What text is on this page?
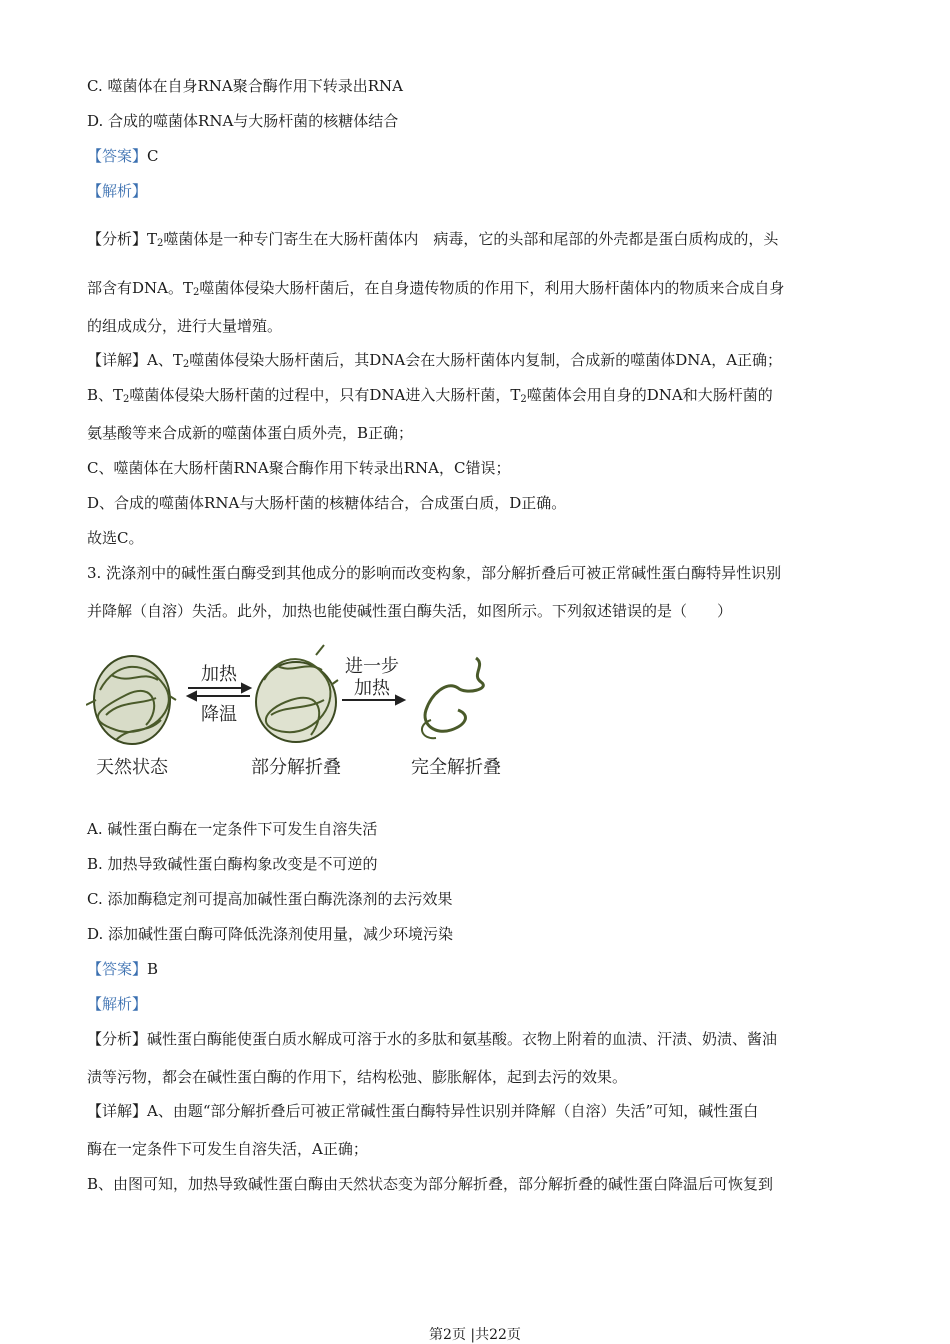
C. 噬菌体在自身RNA聚合酶作用下转录出RNA
D. 合成的噬菌体RNA与大肠杆菌的核糖体结合
【答案】C
【解析】
【分析】$T_2$噬菌体是一种专门寄生在大肠杆菌体内　病毒，它的头部和尾部的外壳都是蛋白质构成的，头
部含有DNA。$T_2$噬菌体侵染大肠杆菌后，在自身遗传物质的作用下，利用大肠杆菌体内的物质来合成自身
的组成成分，进行大量增殖。
【详解】A、$T_2$噬菌体侵染大肠杆菌后，其DNA会在大肠杆菌体内复制，合成新的噬菌体DNA，A正确；
B、$T_2$噬菌体侵染大肠杆菌的过程中，只有DNA进入大肠杆菌，$T_2$噬菌体会用自身的DNA和大肠杆菌的
氨基酸等来合成新的噬菌体蛋白质外壳，B正确；
C、噬菌体在大肠杆菌RNA聚合酶作用下转录出RNA，C错误；
D、合成的噬菌体RNA与大肠杆菌的核糖体结合，合成蛋白质，D正确。
故选C。
3. 洗涤剂中的碱性蛋白酶受到其他成分的影响而改变构象，部分解折叠后可被正常碱性蛋白酶特异性识别
并降解（自溶）失活。此外，加热也能使碱性蛋白酶失活，如图所示。下列叙述错误的是（　　）
加热
降温
进一步
加热
天然状态	部分解折叠	完全解折叠
A. 碱性蛋白酶在一定条件下可发生自溶失活
B. 加热导致碱性蛋白酶构象改变是不可逆的
C. 添加酶稳定剂可提高加碱性蛋白酶洗涤剂的去污效果
D. 添加碱性蛋白酶可降低洗涤剂使用量，减少环境污染
【答案】B
【解析】
【分析】碱性蛋白酶能使蛋白质水解成可溶于水的多肽和氨基酸。衣物上附着的血渍、汗渍、奶渍、酱油
渍等污物，都会在碱性蛋白酶的作用下，结构松弛、膨胀解体，起到去污的效果。
【详解】A、由题“部分解折叠后可被正常碱性蛋白酶特异性识别并降解（自溶）失活”可知，碱性蛋白
酶在一定条件下可发生自溶失活，A正确；
B、由图可知，加热导致碱性蛋白酶由天然状态变为部分解折叠，部分解折叠的碱性蛋白降温后可恢复到
第2页 |共22页
